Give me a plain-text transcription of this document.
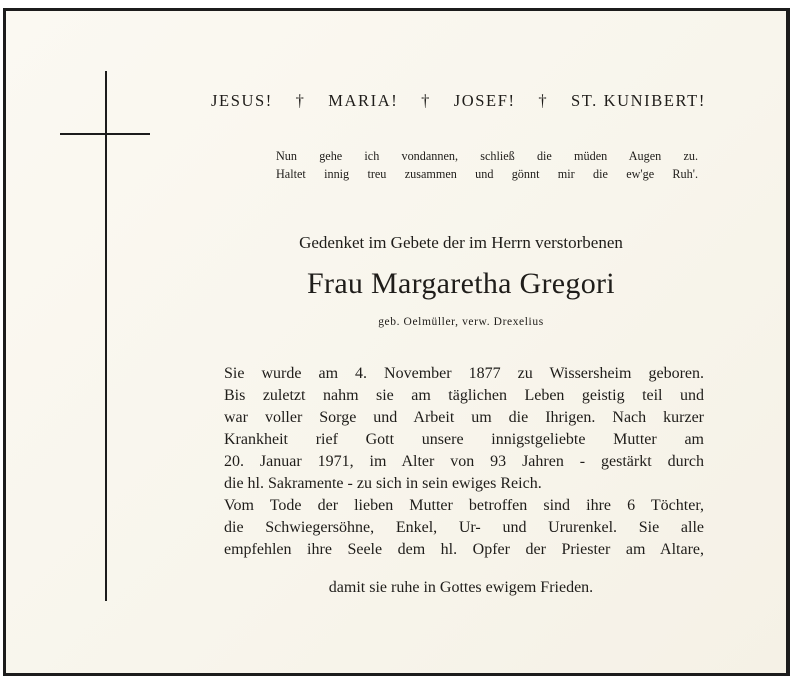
JESUS! † MARIA! † JOSEF! † ST. KUNIBERT!
Nun gehe ich vondannen, schließ die müden Augen zu.
Haltet innig treu zusammen und gönnt mir die ew'ge Ruh'.
Gedenket im Gebete der im Herrn verstorbenen
Frau Margaretha Gregori
geb. Oelmüller, verw. Drexelius
Sie wurde am 4. November 1877 zu Wissersheim geboren.
Bis zuletzt nahm sie am täglichen Leben geistig teil und
war voller Sorge und Arbeit um die Ihrigen. Nach kurzer
Krankheit rief Gott unsere innigstgeliebte Mutter am
20. Januar 1971, im Alter von 93 Jahren - gestärkt durch
die hl. Sakramente - zu sich in sein ewiges Reich.
Vom Tode der lieben Mutter betroffen sind ihre 6 Töchter,
die Schwiegersöhne, Enkel, Ur- und Ururenkel. Sie alle
empfehlen ihre Seele dem hl. Opfer der Priester am Altare,
damit sie ruhe in Gottes ewigem Frieden.
